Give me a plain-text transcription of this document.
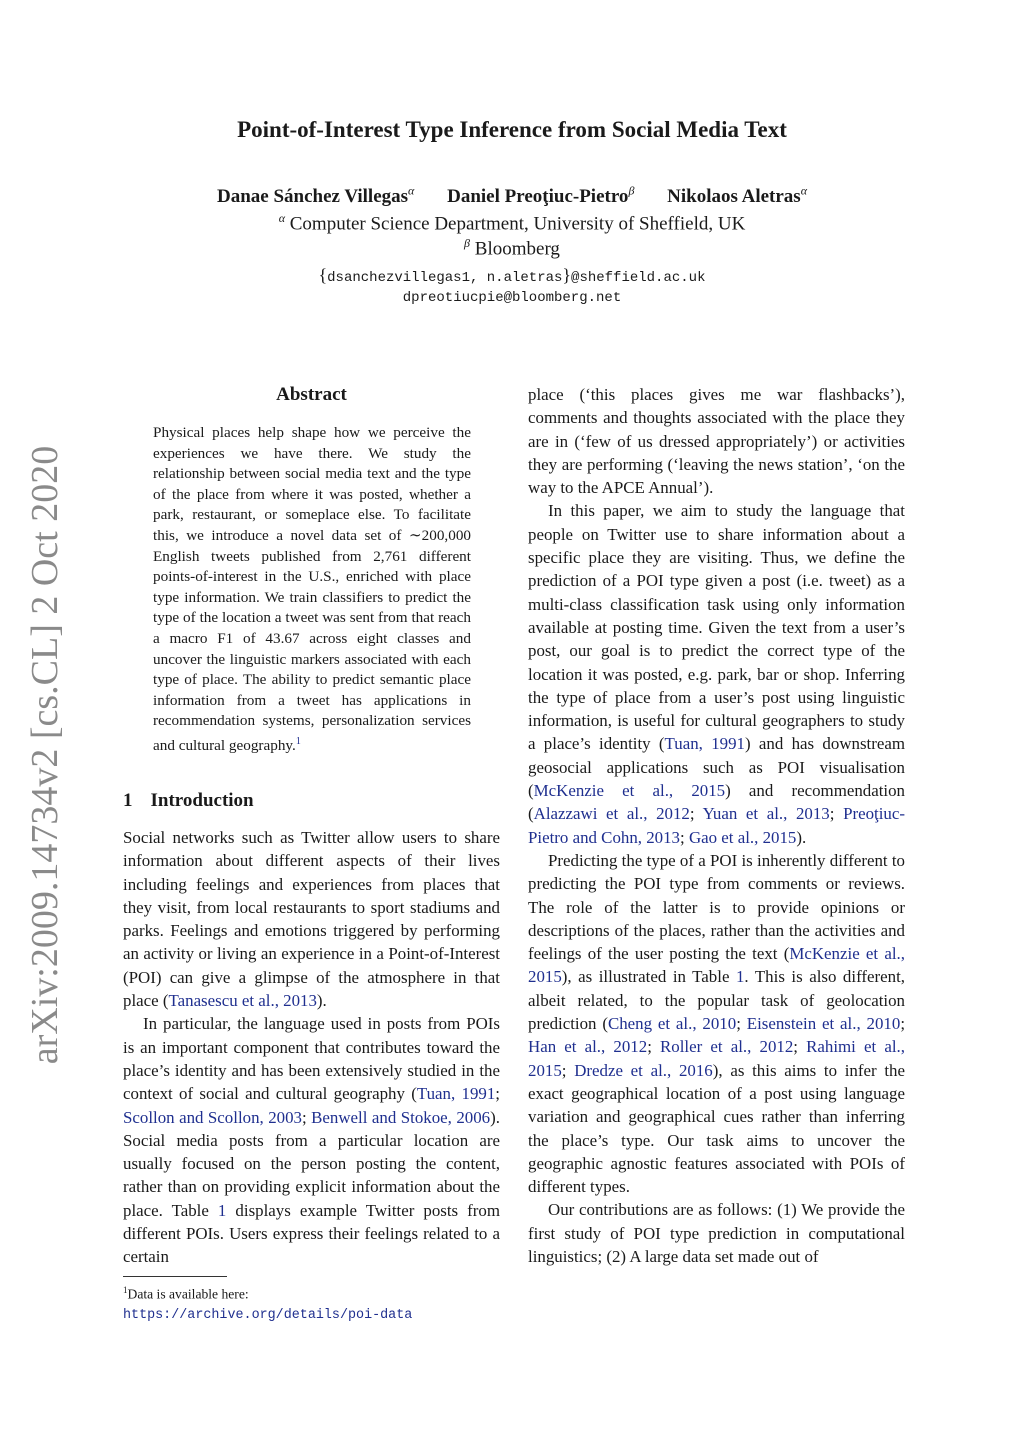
arXiv:2009.14734v2 [cs.CL] 2 Oct 2020
Point-of-Interest Type Inference from Social Media Text
Danae Sánchez Villegas$^\alpha$ Daniel Preoţiuc-Pietro$^\beta$ Nikolaos Aletras$^\alpha$
$^\alpha$ Computer Science Department, University of Sheffield, UK
$^\beta$ Bloomberg
{dsanchezvillegas1, n.aletras}@sheffield.ac.uk
dpreotiucpie@bloomberg.net
Abstract
Physical places help shape how we perceive the experiences we have there. We study the relationship between social media text and the type of the place from where it was posted, whether a park, restaurant, or someplace else. To facilitate this, we introduce a novel data set of ∼200,000 English tweets published from 2,761 different points-of-interest in the U.S., enriched with place type information. We train classifiers to predict the type of the location a tweet was sent from that reach a macro F1 of 43.67 across eight classes and uncover the linguistic markers associated with each type of place. The ability to predict semantic place information from a tweet has applications in recommendation systems, personalization services and cultural geography.$^1$
1 Introduction

Social networks such as Twitter allow users to share information about different aspects of their lives including feelings and experiences from places that they visit, from local restaurants to sport stadiums and parks. Feelings and emotions triggered by performing an activity or living an experience in a Point-of-Interest (POI) can give a glimpse of the atmosphere in that place (Tanasescu et al., 2013).

In particular, the language used in posts from POIs is an important component that contributes toward the place’s identity and has been extensively studied in the context of social and cultural geography (Tuan, 1991; Scollon and Scollon, 2003; Benwell and Stokoe, 2006). Social media posts from a particular location are usually focused on the person posting the content, rather than on providing explicit information about the place. Table 1 displays example Twitter posts from different POIs. Users express their feelings related to a certain

place (‘this places gives me war flashbacks’), comments and thoughts associated with the place they are in (‘few of us dressed appropriately’) or activities they are performing (‘leaving the news station’, ‘on the way to the APCE Annual’).

In this paper, we aim to study the language that people on Twitter use to share information about a specific place they are visiting. Thus, we define the prediction of a POI type given a post (i.e. tweet) as a multi-class classification task using only information available at posting time. Given the text from a user’s post, our goal is to predict the correct type of the location it was posted, e.g. park, bar or shop. Inferring the type of place from a user’s post using linguistic information, is useful for cultural geographers to study a place’s identity (Tuan, 1991) and has downstream geosocial applications such as POI visualisation (McKenzie et al., 2015) and recommendation (Alazzawi et al., 2012; Yuan et al., 2013; Preoţiuc-Pietro and Cohn, 2013; Gao et al., 2015).

Predicting the type of a POI is inherently different to predicting the POI type from comments or reviews. The role of the latter is to provide opinions or descriptions of the places, rather than the activities and feelings of the user posting the text (McKenzie et al., 2015), as illustrated in Table 1. This is also different, albeit related, to the popular task of geolocation prediction (Cheng et al., 2010; Eisenstein et al., 2010; Han et al., 2012; Roller et al., 2012; Rahimi et al., 2015; Dredze et al., 2016), as this aims to infer the exact geographical location of a post using language variation and geographical cues rather than inferring the place’s type. Our task aims to uncover the geographic agnostic features associated with POIs of different types.

Our contributions are as follows: (1) We provide the first study of POI type prediction in computational linguistics; (2) A large data set made out of

$^1$Data is available here: https://archive.org/details/poi-data
